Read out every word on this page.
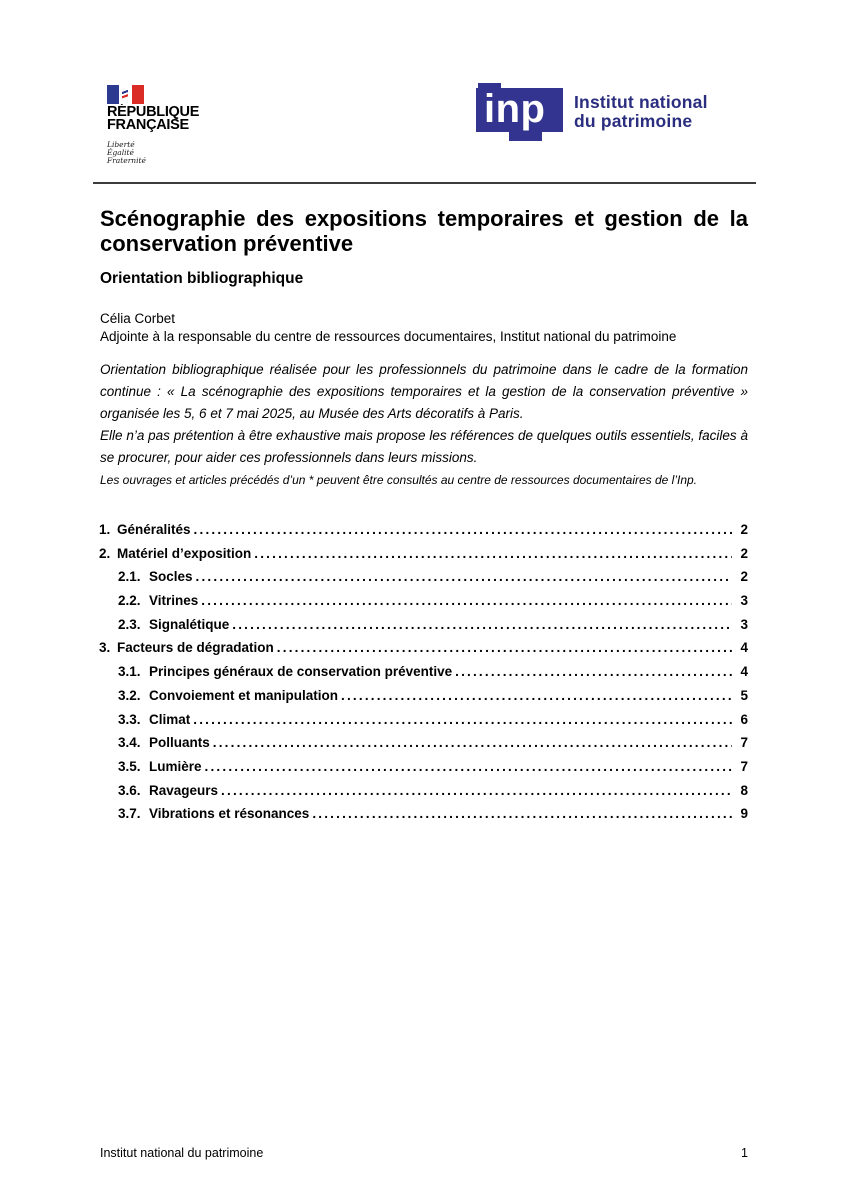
RÉPUBLIQUE
FRANÇAISE
Liberté
Égalité
Fraternité
inp Institut national
du patrimoine
Scénographie des expositions temporaires et gestion de la
conservation préventive
Orientation bibliographique
Célia Corbet
Adjointe à la responsable du centre de ressources documentaires, Institut national du patrimoine

Orientation bibliographique réalisée pour les professionnels du patrimoine dans le cadre de la formation continue : « La scénographie des expositions temporaires et la gestion de la conservation préventive » organisée les 5, 6 et 7 mai 2025, au Musée des Arts décoratifs à Paris.

Elle n’a pas prétention à être exhaustive mais propose les références de quelques outils essentiels, faciles à se procurer, pour aider ces professionnels dans leurs missions.

Les ouvrages et articles précédés d’un * peuvent être consultés au centre de ressources documentaires de l’Inp.
1. Généralités .....	2
2. Matériel d’exposition .....	2
2.1. Socles .....	2
2.2. Vitrines .....	3
2.3. Signalétique .....	3
3. Facteurs de dégradation .....	4
3.1. Principes généraux de conservation préventive .....	4
3.2. Convoiement et manipulation .....	5
3.3. Climat .....	6
3.4. Polluants .....	7
3.5. Lumière .....	7
3.6. Ravageurs .....	8
3.7. Vibrations et résonances .....	9
Institut national du patrimoine	1
